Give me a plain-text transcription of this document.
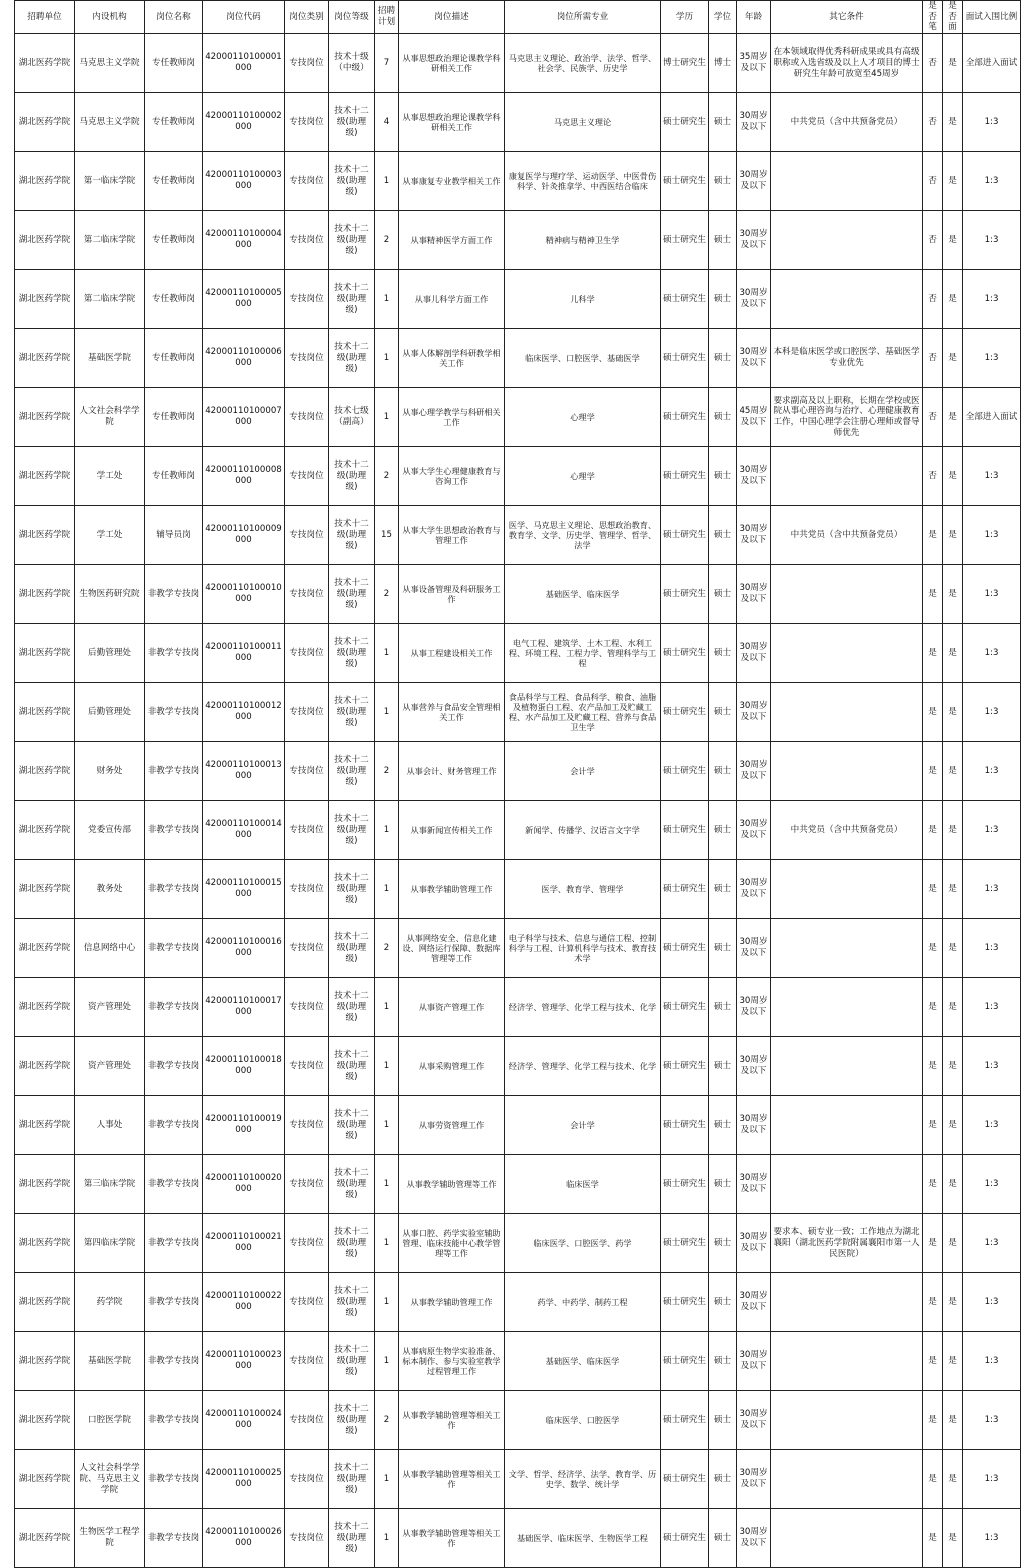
招聘单位	内设机构	岗位名称	岗位代码	岗位类别	岗位等级	招聘计划	岗位描述	岗位所需专业	学历	学位	年龄	其它条件	是否笔	是否面	面试入围比例
湖北医药学院	马克思主义学院	专任教师岗	42000110100001000	专技岗位	技术十级（中级）	7	从事思想政治理论课教学科研相关工作	马克思主义理论、政治学、法学、哲学、社会学、民族学、历史学	博士研究生	博士	35周岁及以下	在本领域取得优秀科研成果或具有高级职称或入选省级及以上人才项目的博士研究生年龄可放宽至45周岁	否	是	全部进入面试
湖北医药学院	马克思主义学院	专任教师岗	42000110100002000	专技岗位	技术十二级(助理级)	4	从事思想政治理论课教学科研相关工作	马克思主义理论	硕士研究生	硕士	30周岁及以下	中共党员（含中共预备党员）	否	是	1:3
湖北医药学院	第一临床学院	专任教师岗	42000110100003000	专技岗位	技术十二级(助理级)	1	从事康复专业教学相关工作	康复医学与理疗学、运动医学、中医骨伤科学、针灸推拿学、中西医结合临床	硕士研究生	硕士	30周岁及以下		否	是	1:3
湖北医药学院	第二临床学院	专任教师岗	42000110100004000	专技岗位	技术十二级(助理级)	2	从事精神医学方面工作	精神病与精神卫生学	硕士研究生	硕士	30周岁及以下		否	是	1:3
湖北医药学院	第二临床学院	专任教师岗	42000110100005000	专技岗位	技术十二级(助理级)	1	从事儿科学方面工作	儿科学	硕士研究生	硕士	30周岁及以下		否	是	1:3
湖北医药学院	基础医学院	专任教师岗	42000110100006000	专技岗位	技术十二级(助理级)	1	从事人体解剖学科研教学相关工作	临床医学、口腔医学、基础医学	硕士研究生	硕士	30周岁及以下	本科是临床医学或口腔医学、基础医学专业优先	否	是	1:3
湖北医药学院	人文社会科学学院	专任教师岗	42000110100007000	专技岗位	技术七级（副高）	1	从事心理学教学与科研相关工作	心理学	硕士研究生	硕士	45周岁及以下	要求副高及以上职称，长期在学校或医院从事心理咨询与治疗、心理健康教育工作，中国心理学会注册心理师或督导师优先	否	是	全部进入面试
湖北医药学院	学工处	专任教师岗	42000110100008000	专技岗位	技术十二级(助理级)	2	从事大学生心理健康教育与咨询工作	心理学	硕士研究生	硕士	30周岁及以下		否	是	1:3
湖北医药学院	学工处	辅导员岗	42000110100009000	专技岗位	技术十二级(助理级)	15	从事大学生思想政治教育与管理工作	医学、马克思主义理论、思想政治教育、教育学、文学、历史学、管理学、哲学、法学	硕士研究生	硕士	30周岁及以下	中共党员（含中共预备党员）	是	是	1:3
湖北医药学院	生物医药研究院	非教学专技岗	42000110100010000	专技岗位	技术十二级(助理级)	2	从事设备管理及科研服务工作	基础医学、临床医学	硕士研究生	硕士	30周岁及以下		是	是	1:3
湖北医药学院	后勤管理处	非教学专技岗	42000110100011000	专技岗位	技术十二级(助理级)	1	从事工程建设相关工作	电气工程、建筑学、土木工程、水利工程、环境工程、工程力学、管理科学与工程	硕士研究生	硕士	30周岁及以下		是	是	1:3
湖北医药学院	后勤管理处	非教学专技岗	42000110100012000	专技岗位	技术十二级(助理级)	1	从事营养与食品安全管理相关工作	食品科学与工程、食品科学、粮食、油脂及植物蛋白工程、农产品加工及贮藏工程、水产品加工及贮藏工程、营养与食品卫生学	硕士研究生	硕士	30周岁及以下		是	是	1:3
湖北医药学院	财务处	非教学专技岗	42000110100013000	专技岗位	技术十二级(助理级)	2	从事会计、财务管理工作	会计学	硕士研究生	硕士	30周岁及以下		是	是	1:3
湖北医药学院	党委宣传部	非教学专技岗	42000110100014000	专技岗位	技术十二级(助理级)	1	从事新闻宣传相关工作	新闻学、传播学、汉语言文字学	硕士研究生	硕士	30周岁及以下	中共党员（含中共预备党员）	是	是	1:3
湖北医药学院	教务处	非教学专技岗	42000110100015000	专技岗位	技术十二级(助理级)	1	从事教学辅助管理工作	医学、教育学、管理学	硕士研究生	硕士	30周岁及以下		是	是	1:3
湖北医药学院	信息网络中心	非教学专技岗	42000110100016000	专技岗位	技术十二级(助理级)	2	从事网络安全、信息化建设、网络运行保障、数据库管理等工作	电子科学与技术、信息与通信工程、控制科学与工程、计算机科学与技术、教育技术学	硕士研究生	硕士	30周岁及以下		是	是	1:3
湖北医药学院	资产管理处	非教学专技岗	42000110100017000	专技岗位	技术十二级(助理级)	1	从事资产管理工作	经济学、管理学、化学工程与技术、化学	硕士研究生	硕士	30周岁及以下		是	是	1:3
湖北医药学院	资产管理处	非教学专技岗	42000110100018000	专技岗位	技术十二级(助理级)	1	从事采购管理工作	经济学、管理学、化学工程与技术、化学	硕士研究生	硕士	30周岁及以下		是	是	1:3
湖北医药学院	人事处	非教学专技岗	42000110100019000	专技岗位	技术十二级(助理级)	1	从事劳资管理工作	会计学	硕士研究生	硕士	30周岁及以下		是	是	1:3
湖北医药学院	第三临床学院	非教学专技岗	42000110100020000	专技岗位	技术十二级(助理级)	1	从事教学辅助管理等工作	临床医学	硕士研究生	硕士	30周岁及以下		是	是	1:3
湖北医药学院	第四临床学院	非教学专技岗	42000110100021000	专技岗位	技术十二级(助理级)	1	从事口腔、药学实验室辅助管理、临床技能中心教学管理等工作	临床医学、口腔医学、药学	硕士研究生	硕士	30周岁及以下	要求本、硕专业一致；工作地点为湖北襄阳（湖北医药学院附属襄阳市第一人民医院）	是	是	1:3
湖北医药学院	药学院	非教学专技岗	42000110100022000	专技岗位	技术十二级(助理级)	1	从事教学辅助管理工作	药学、中药学、制药工程	硕士研究生	硕士	30周岁及以下		是	是	1:3
湖北医药学院	基础医学院	非教学专技岗	42000110100023000	专技岗位	技术十二级(助理级)	1	从事病原生物学实验准备、标本制作、参与实验室教学过程管理工作	基础医学、临床医学	硕士研究生	硕士	30周岁及以下		是	是	1:3
湖北医药学院	口腔医学院	非教学专技岗	42000110100024000	专技岗位	技术十二级(助理级)	2	从事教学辅助管理等相关工作	临床医学、口腔医学	硕士研究生	硕士	30周岁及以下		是	是	1:3
湖北医药学院	人文社会科学学院、马克思主义学院	非教学专技岗	42000110100025000	专技岗位	技术十二级(助理级)	1	从事教学辅助管理等相关工作	文学、哲学、经济学、法学、教育学、历史学、数学、统计学	硕士研究生	硕士	30周岁及以下		是	是	1:3
湖北医药学院	生物医学工程学院	非教学专技岗	42000110100026000	专技岗位	技术十二级(助理级)	1	从事教学辅助管理等相关工作	基础医学、临床医学、生物医学工程	硕士研究生	硕士	30周岁及以下		是	是	1:3
